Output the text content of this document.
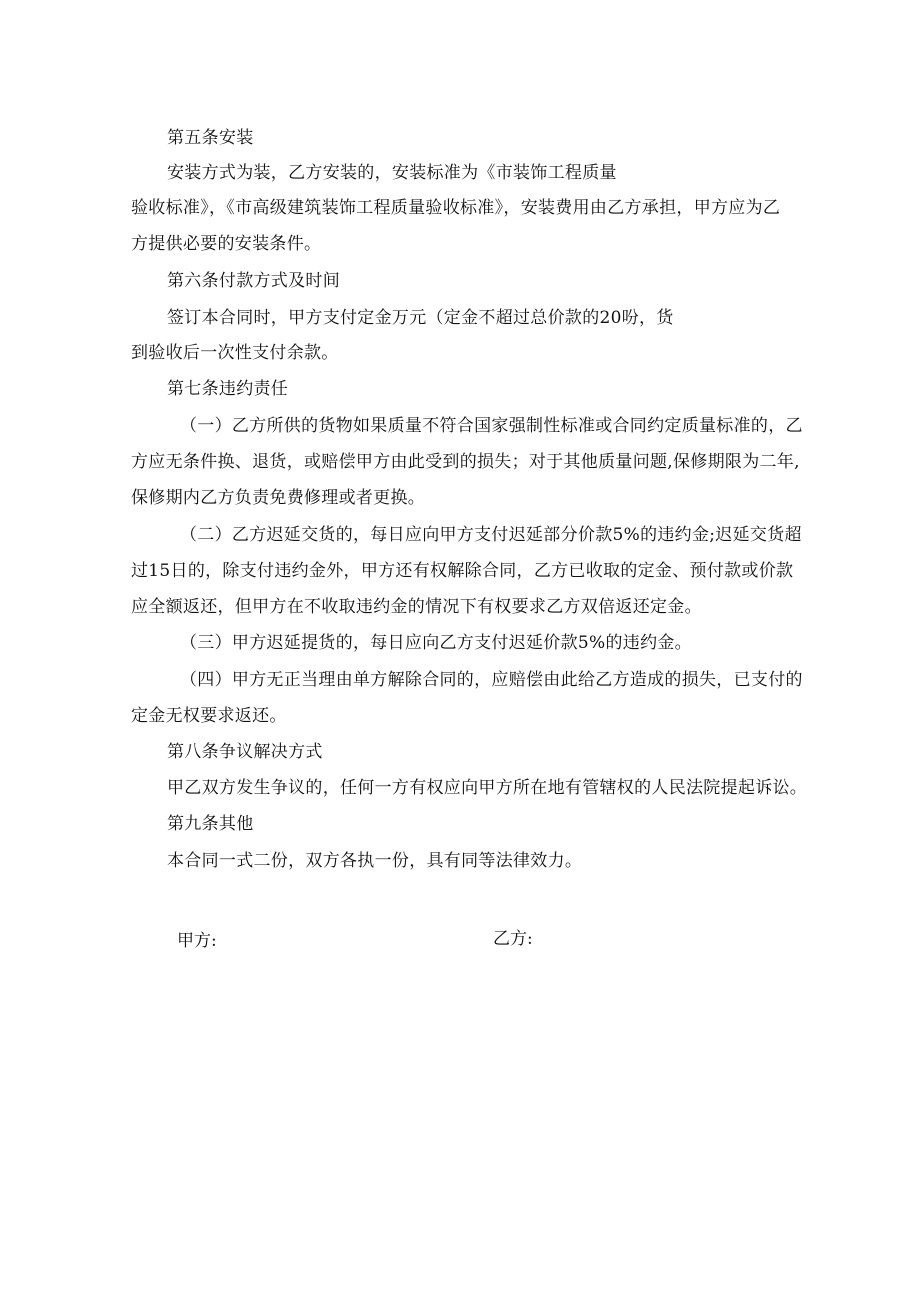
第五条安装
安装方式为装，乙方安装的，安装标准为《市装饰工程质量
验收标准》，《市高级建筑装饰工程质量验收标准》，安装费用由乙方承担，甲方应为乙
方提供必要的安装条件。
第六条付款方式及时间
签订本合同时，甲方支付定金万元（定金不超过总价款的20吩，货
到验收后一次性支付余款。
第七条违约责任
（一）乙方所供的货物如果质量不符合国家强制性标准或合同约定质量标准的，乙
方应无条件换、退货，或赔偿甲方由此受到的损失；对于其他质量问题,保修期限为二年,
保修期内乙方负责免费修理或者更换。
（二）乙方迟延交货的，每日应向甲方支付迟延部分价款5%的违约金;迟延交货超
过15日的，除支付违约金外，甲方还有权解除合同，乙方已收取的定金、预付款或价款
应全额返还，但甲方在不收取违约金的情况下有权要求乙方双倍返还定金。
（三）甲方迟延提货的，每日应向乙方支付迟延价款5%的违约金。
（四）甲方无正当理由单方解除合同的，应赔偿由此给乙方造成的损失，已支付的
定金无权要求返还。
第八条争议解决方式
甲乙双方发生争议的，任何一方有权应向甲方所在地有管辖权的人民法院提起诉讼。
第九条其他
本合同一式二份，双方各执一份，具有同等法律效力。
甲方:	乙方:
